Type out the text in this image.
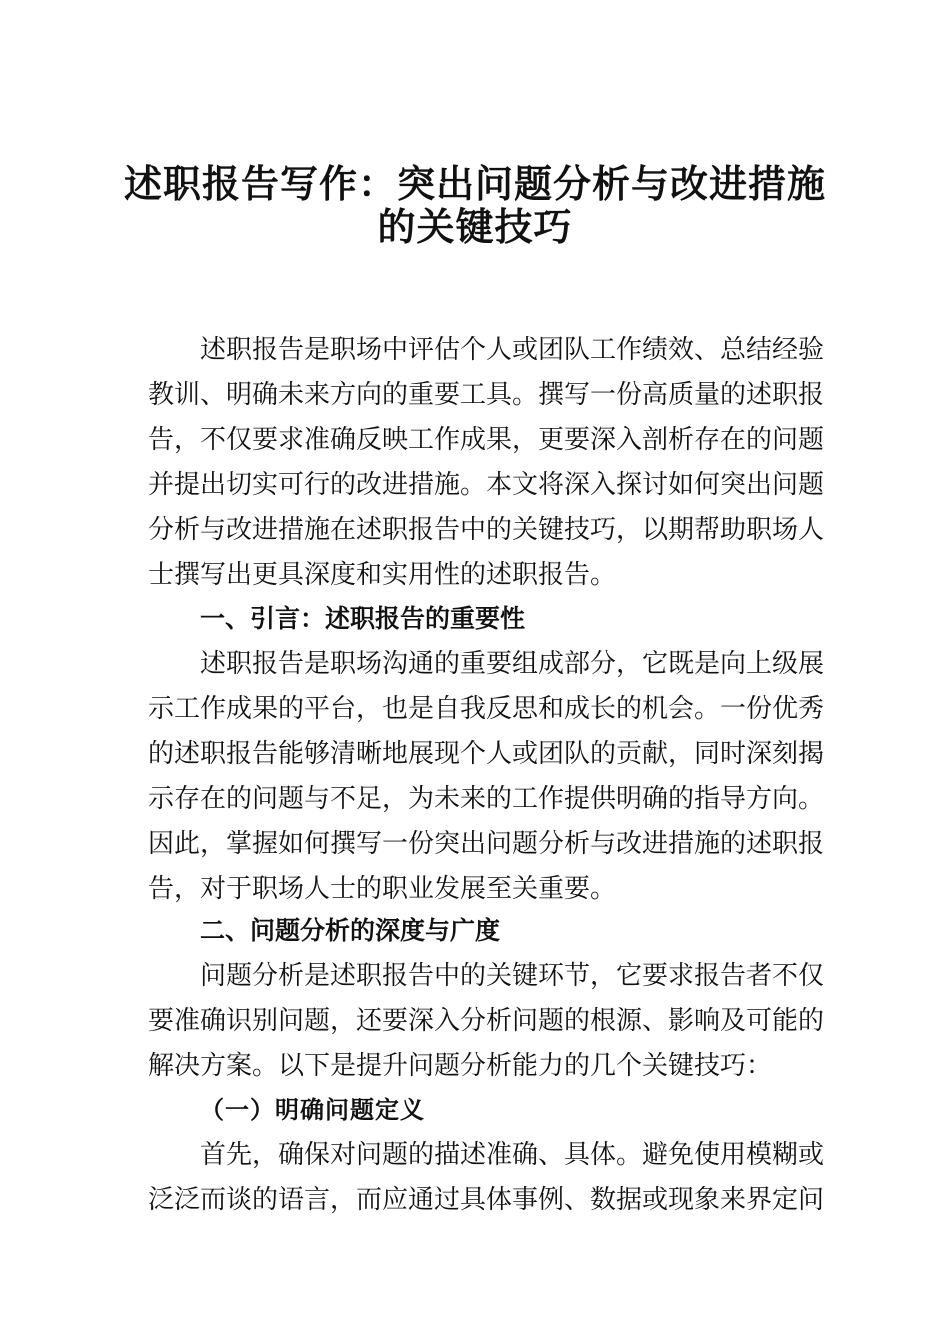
述职报告写作：突出问题分析与改进措施
的关键技巧

述职报告是职场中评估个人或团队工作绩效、总结经验

教训、明确未来方向的重要工具。撰写一份高质量的述职报

告，不仅要求准确反映工作成果，更要深入剖析存在的问题

并提出切实可行的改进措施。本文将深入探讨如何突出问题

分析与改进措施在述职报告中的关键技巧，以期帮助职场人

士撰写出更具深度和实用性的述职报告。

一、引言：述职报告的重要性

述职报告是职场沟通的重要组成部分，它既是向上级展

示工作成果的平台，也是自我反思和成长的机会。一份优秀

的述职报告能够清晰地展现个人或团队的贡献，同时深刻揭

示存在的问题与不足，为未来的工作提供明确的指导方向。

因此，掌握如何撰写一份突出问题分析与改进措施的述职报

告，对于职场人士的职业发展至关重要。

二、问题分析的深度与广度

问题分析是述职报告中的关键环节，它要求报告者不仅

要准确识别问题，还要深入分析问题的根源、影响及可能的

解决方案。以下是提升问题分析能力的几个关键技巧：

（一）明确问题定义

首先，确保对问题的描述准确、具体。避免使用模糊或

泛泛而谈的语言，而应通过具体事例、数据或现象来界定问
